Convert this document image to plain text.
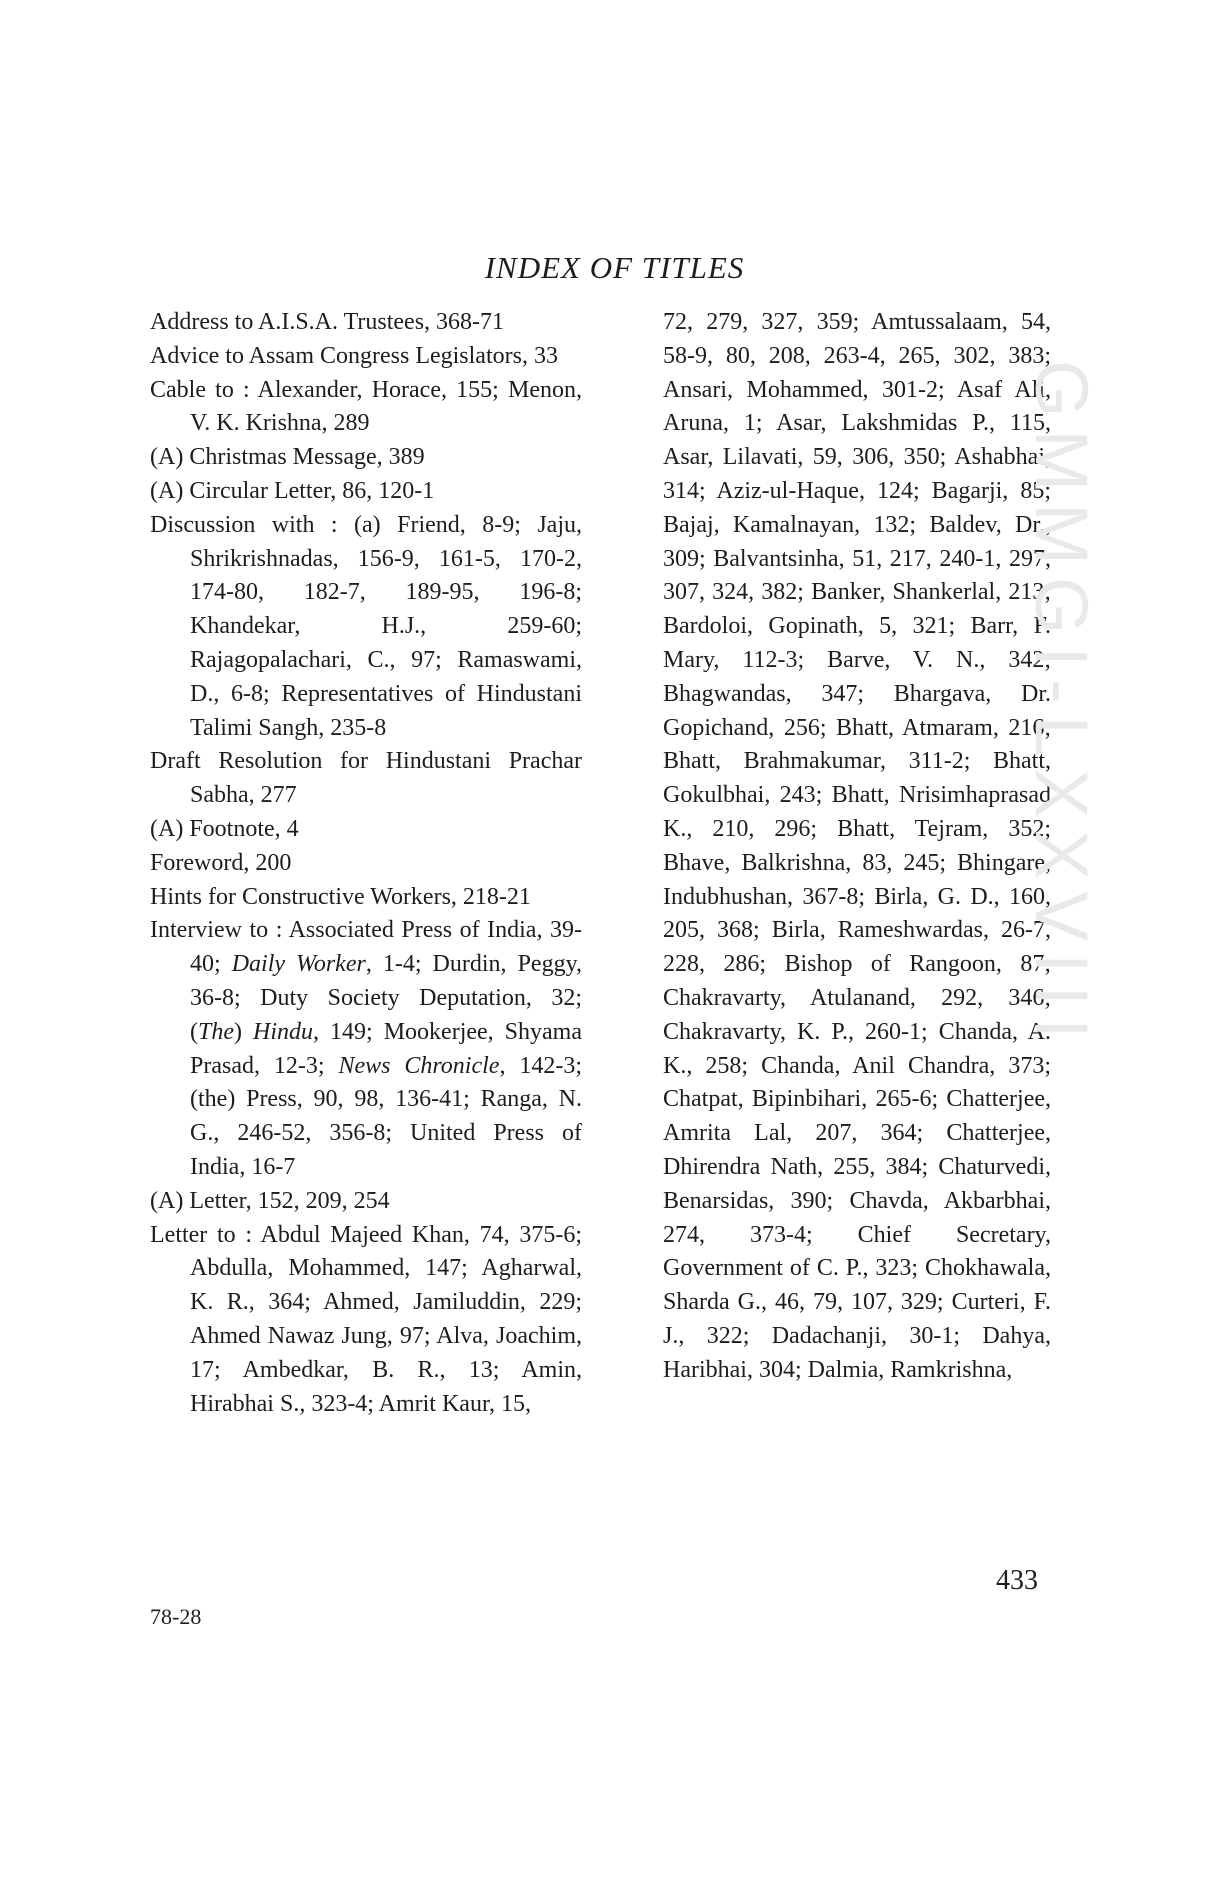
INDEX OF TITLES

Address to A.I.S.A. Trustees, 368-71

Advice to Assam Congress Legislators, 33

Cable to : Alexander, Horace, 155; Menon, V. K. Krishna, 289

(A) Christmas Message, 389

(A) Circular Letter, 86, 120-1

Discussion with : (a) Friend, 8-9; Jaju, Shrikrishnadas, 156-9, 161-5, 170-2, 174-80, 182-7, 189-95, 196-8; Khandekar, H.J., 259-60; Rajagopalachari, C., 97; Ramaswami, D., 6-8; Representatives of Hindustani Talimi Sangh, 235-8

Draft Resolution for Hindustani Prachar Sabha, 277

(A) Footnote, 4

Foreword, 200

Hints for Constructive Workers, 218-21

Interview to : Associated Press of India, 39-40; Daily Worker, 1-4; Durdin, Peggy, 36-8; Duty Society Deputation, 32; (The) Hindu, 149; Mookerjee, Shyama Prasad, 12-3; News Chronicle, 142-3; (the) Press, 90, 98, 136-41; Ranga, N. G., 246-52, 356-8; United Press of India, 16-7

(A) Letter, 152, 209, 254

Letter to : Abdul Majeed Khan, 74, 375-6; Abdulla, Mohammed, 147; Agharwal, K. R., 364; Ahmed, Jamiluddin, 229; Ahmed Nawaz Jung, 97; Alva, Joachim, 17; Ambedkar, B. R., 13; Amin, Hirabhai S., 323-4; Amrit Kaur, 15,

72, 279, 327, 359; Amtussalaam, 54, 58-9, 80, 208, 263-4, 265, 302, 383; Ansari, Mohammed, 301-2; Asaf Ali, Aruna, 1; Asar, Lakshmidas P., 115, Asar, Lilavati, 59, 306, 350; Ashabhai, 314; Aziz-ul-Haque, 124; Bagarji, 85; Bajaj, Kamalnayan, 132; Baldev, Dr., 309; Balvantsinha, 51, 217, 240-1, 297, 307, 324, 382; Banker, Shankerlal, 213; Bardoloi, Gopinath, 5, 321; Barr, F. Mary, 112-3; Barve, V. N., 342; Bhagwandas, 347; Bhargava, Dr. Gopichand, 256; Bhatt, Atmaram, 216; Bhatt, Brahmakumar, 311-2; Bhatt, Gokulbhai, 243; Bhatt, Nrisimhaprasad K., 210, 296; Bhatt, Tejram, 352; Bhave, Balkrishna, 83, 245; Bhingare, Indubhushan, 367-8; Birla, G. D., 160, 205, 368; Birla, Rameshwardas, 26-7, 228, 286; Bishop of Rangoon, 87; Chakravarty, Atulanand, 292, 346; Chakravarty, K. P., 260-1; Chanda, A. K., 258; Chanda, Anil Chandra, 373; Chatpat, Bipinbihari, 265-6; Chatterjee, Amrita Lal, 207, 364; Chatterjee, Dhirendra Nath, 255, 384; Chaturvedi, Benarsidas, 390; Chavda, Akbarbhai, 274, 373-4; Chief Secretary, Government of C. P., 323; Chokhawala, Sharda G., 46, 79, 107, 329; Curteri, F. J., 322; Dadachanji, 30-1; Dahya, Haribhai, 304; Dalmia, Ramkrishna,

GMMGI-LXXVIII
433
78-28
